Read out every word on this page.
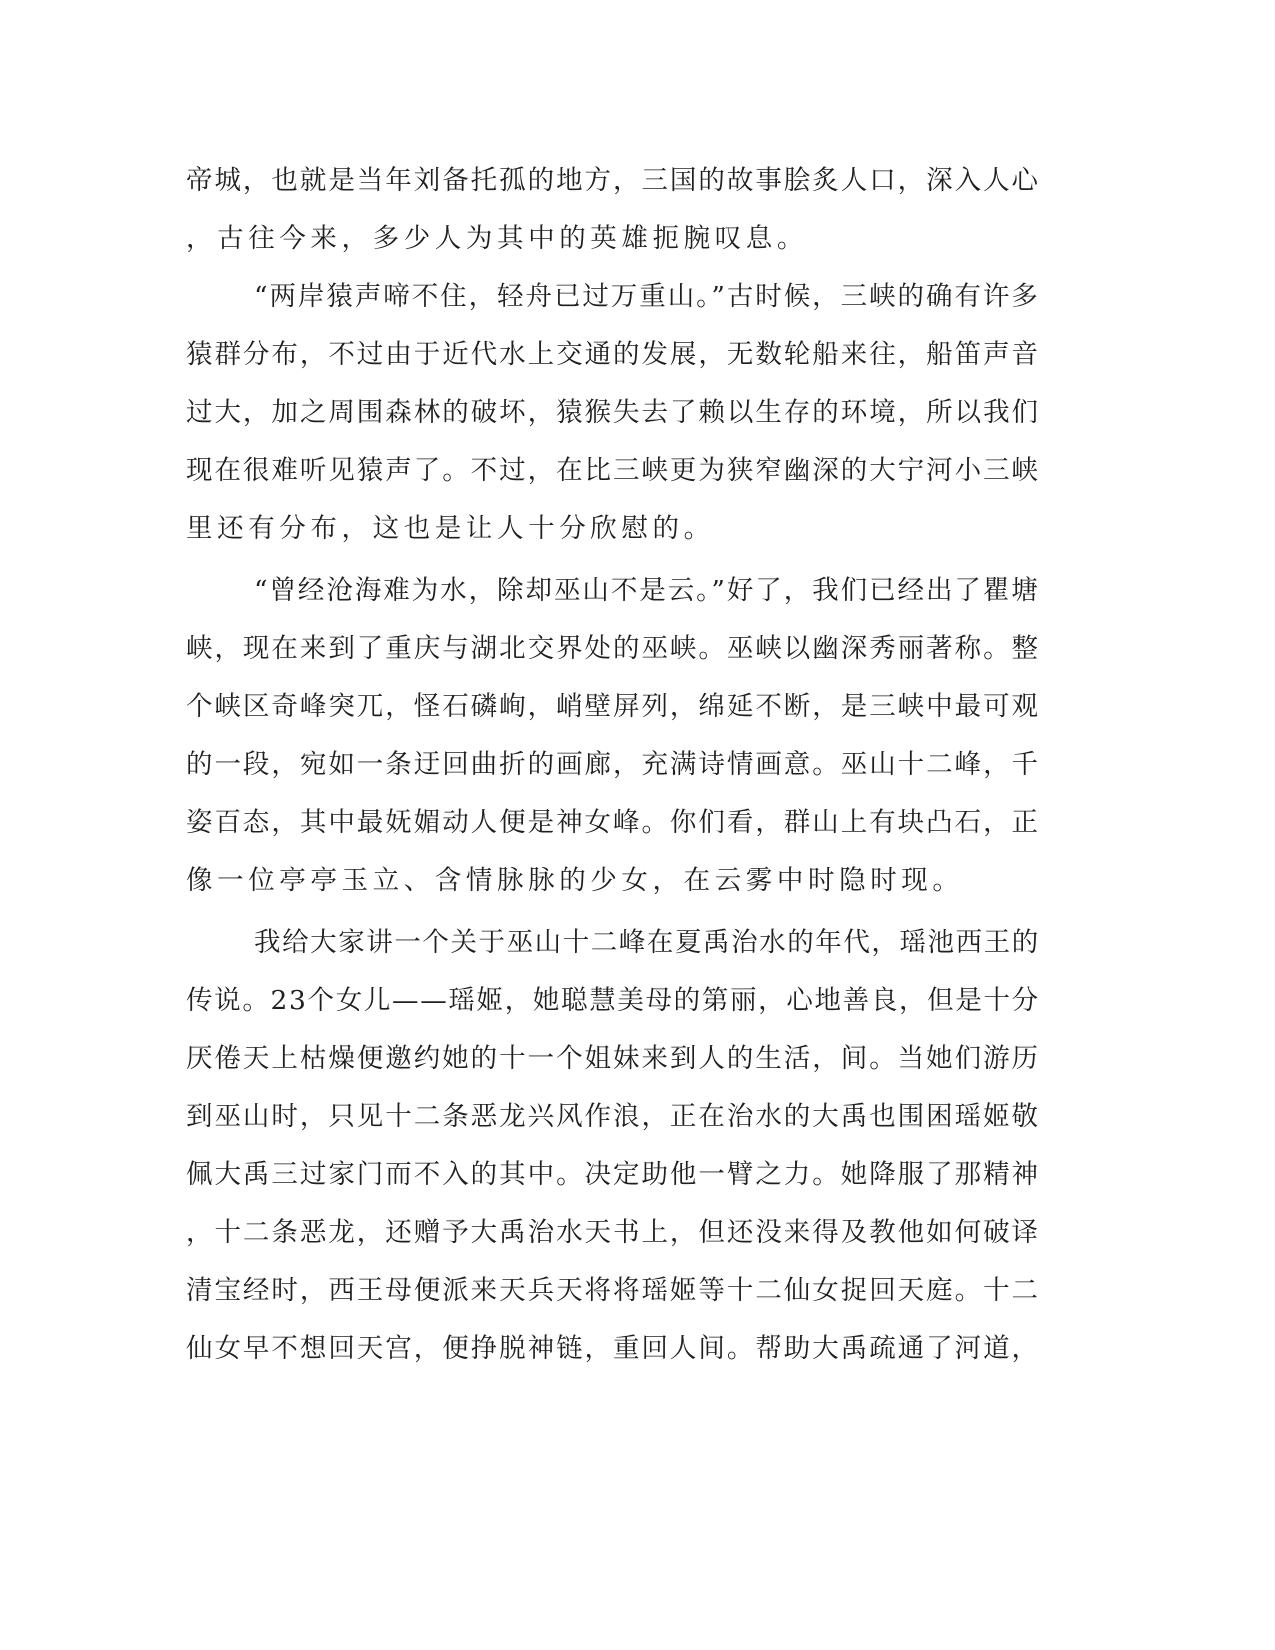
帝城，也就是当年刘备托孤的地方，三国的故事脍炙人口，深入人心
，古往今来，多少人为其中的英雄扼腕叹息。
“两岸猿声啼不住，轻舟已过万重山。”古时候，三峡的确有许多
猿群分布，不过由于近代水上交通的发展，无数轮船来往，船笛声音
过大，加之周围森林的破坏，猿猴失去了赖以生存的环境，所以我们
现在很难听见猿声了。不过，在比三峡更为狭窄幽深的大宁河小三峡
里还有分布，这也是让人十分欣慰的。
“曾经沧海难为水，除却巫山不是云。”好了，我们已经出了瞿塘
峡，现在来到了重庆与湖北交界处的巫峡。巫峡以幽深秀丽著称。整
个峡区奇峰突兀，怪石磷峋，峭壁屏列，绵延不断，是三峡中最可观
的一段，宛如一条迂回曲折的画廊，充满诗情画意。巫山十二峰，千
姿百态，其中最妩媚动人便是神女峰。你们看，群山上有块凸石，正
像一位亭亭玉立、含情脉脉的少女，在云雾中时隐时现。
我给大家讲一个关于巫山十二峰在夏禹治水的年代，瑶池西王的
传说。23个女儿——瑶姬，她聪慧美母的第丽，心地善良，但是十分
厌倦天上枯燥便邀约她的十一个姐妹来到人的生活，间。当她们游历
到巫山时，只见十二条恶龙兴风作浪，正在治水的大禹也围困瑶姬敬
佩大禹三过家门而不入的其中。决定助他一臂之力。她降服了那精神
，十二条恶龙，还赠予大禹治水天书上，但还没来得及教他如何破译
清宝经时，西王母便派来天兵天将将瑶姬等十二仙女捉回天庭。十二
仙女早不想回天宫，便挣脱神链，重回人间。帮助大禹疏通了河道，
